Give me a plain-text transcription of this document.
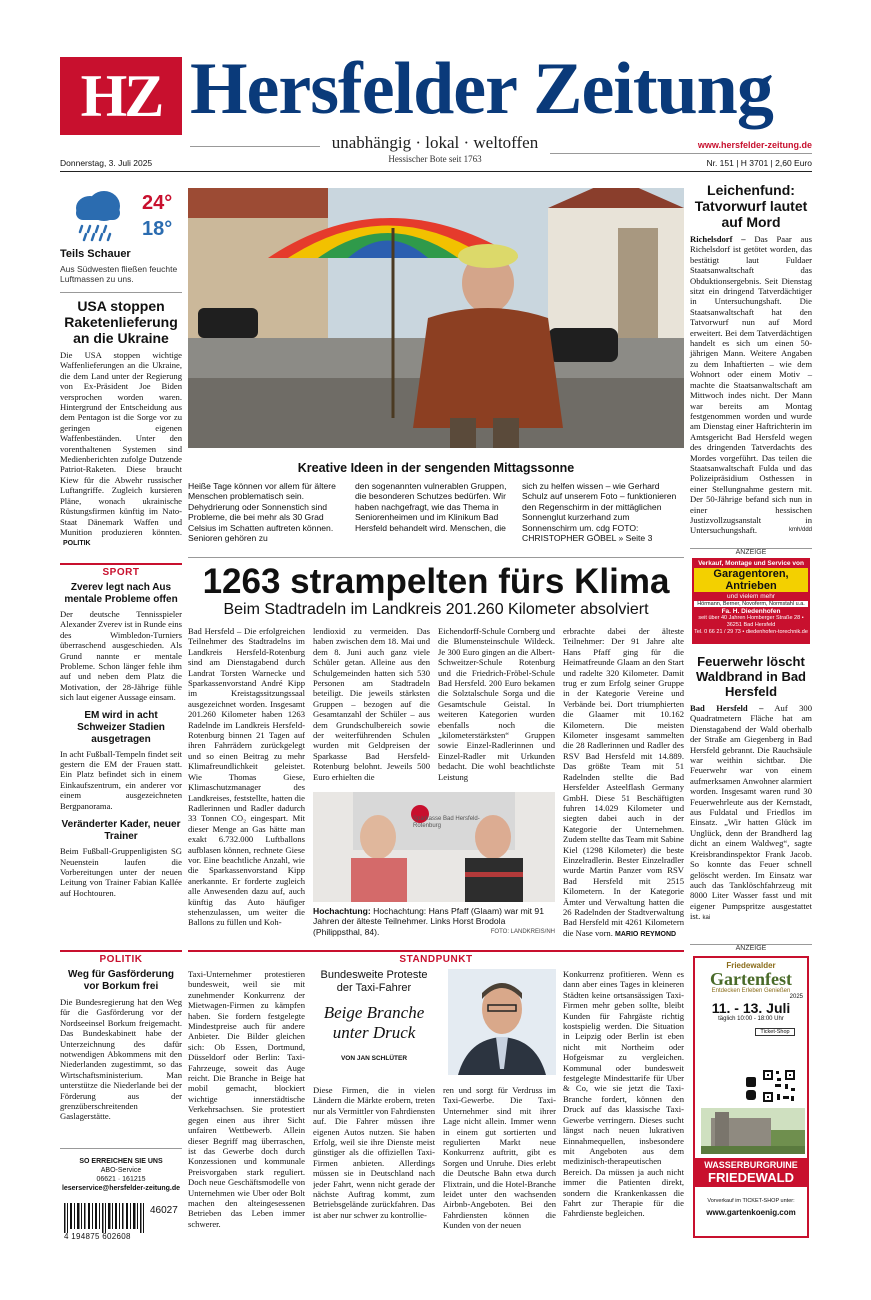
HZ Hersfelder Zeitung
www.hersfelder-zeitung.de
unabhängig · lokal · weltoffen
Hessischer Bote seit 1763
Donnerstag, 3. Juli 2025	Nr. 151 | H 3701 | 2,60 Euro
24°
18°
Teils Schauer
Aus Südwesten fließen feuchte Luftmassen zu uns.
USA stoppen Raketenlieferung an die Ukraine

Die USA stoppen wichtige Waffenlieferungen an die Ukraine, die dem Land unter der Regierung von Ex-Präsident Joe Biden versprochen worden waren. Hintergrund der Entscheidung aus dem Pentagon ist die Sorge vor zu geringen eigenen Waffenbeständen. Unter den vorenthaltenen Systemen sind Medienberichten zufolge Dutzende Patriot-Raketen. Diese braucht Kiew für die Abwehr russischer Luftangriffe. Zugleich kursieren Pläne, wonach ukrainische Rüstungsfirmen künftig im Nato-Staat Dänemark Waffen und Munition produzieren könnten. POLITIK

Kreative Ideen in der sengenden Mittagssonne

Heiße Tage können vor allem für ältere Menschen problematisch sein. Dehydrierung oder Sonnenstich sind Probleme, die bei mehr als 30 Grad Celsius im Schatten auftreten können. Senioren gehören zu

den sogenannten vulnerablen Gruppen, die besonderen Schutzes bedürfen. Wir haben nachgefragt, wie das Thema in Seniorenheimen und im Klinikum Bad Hersfeld behandelt wird. Menschen, die

sich zu helfen wissen – wie Gerhard Schulz auf unserem Foto – funktionieren den Regenschirm in der mittäglichen Sonnenglut kurzerhand zum Sonnenschirm um. cdg FOTO: CHRISTOPHER GÖBEL » Seite 3

Leichenfund: Tatvorwurf lautet auf Mord

Richelsdorf – Das Paar aus Richelsdorf ist getötet worden, das bestätigt laut Fuldaer Staatsanwaltschaft das Obduktionsergebnis. Seit Dienstag sitzt ein dringend Tatverdächtiger in Untersuchungshaft. Die Staatsanwaltschaft hat den Tatvorwurf nun auf Mord erweitert. Bei dem Tatverdächtigen handelt es sich um einen 50-jährigen Mann. Weitere Angaben zu dem Inhaftierten – wie dem Wohnort oder einem Motiv – machte die Staatsanwaltschaft am Mittwoch indes nicht. Der Mann war bereits am Montag festgenommen worden und wurde am Dienstag einer Haftrichterin im Amtsgericht Bad Hersfeld wegen des dringenden Tatverdachts des Mordes vorgeführt. Das teilen die Staatsanwaltschaft Fulda und das Polizeipräsidium Osthessen in einer Stellungnahme gestern mit. Der 50-Jährige befand sich nun in einer hessischen Justizvollzugsanstalt in Untersuchungshaft.	kmh/ddd

ANZEIGE
Verkauf, Montage und Service von
Garagentoren, Antrieben
und vielem mehr
Hörmann, Berner, Novoferm, Normstahl u.a.
Fa. H. Diedenhofen
seit über 40 Jahren Homberger Straße 28 • 36251 Bad Hersfeld
Tel. 0 66 21 / 29 73 • diedenhofen-torechnik.de
SPORT
Zverev legt nach Aus mentale Probleme offen

Der deutsche Tennisspieler Alexander Zverev ist in Runde eins des Wimbledon-Turniers überraschend ausgeschieden. Als Grund nannte er mentale Probleme. Schon länger fehle ihm auf und neben dem Platz die Motivation, der 28-Jährige fühle sich laut eigener Aussage einsam.

EM wird in acht Schweizer Stadien ausgetragen

In acht Fußball-Tempeln findet seit gestern die EM der Frauen statt. Ein Platz befindet sich in einem Einkaufszentrum, ein anderer vor einem ausgezeichneten Bergpanorama.

Veränderter Kader, neuer Trainer

Beim Fußball-Gruppenligisten SG Neuenstein laufen die Vorbereitungen unter der neuen Leitung von Trainer Fabian Kallée auf Hochtouren.

1263 strampelten fürs Klima
Beim Stadtradeln im Landkreis 201.260 Kilometer absolviert

Bad Hersfeld – Die erfolgreichen Teilnehmer des Stadtradelns im Landkreis Hersfeld-Rotenburg sind am Dienstagabend durch Landrat Torsten Warnecke und Sparkassenvorstand André Kipp im Kreistagssitzungssaal ausgezeichnet worden. Insgesamt 201.260 Kilometer haben 1263 Radelnde im Landkreis Hersfeld-Rotenburg binnen 21 Tagen auf ihren Fahrrädern zurückgelegt und so einen Beitrag zu mehr Klimafreundlichkeit geleistet. Wie Thomas Giese, Klimaschutzmanager des Landkreises, feststellte, hatten die Radlerinnen und Radler dadurch 33 Tonnen CO₂ eingespart. Mit dieser Menge an Gas hätte man exakt 6.732.000 Luftballons aufblasen können, rechnete Giese vor. Eine beachtliche Anzahl, wie die Sparkassenvorstand Kipp anerkannte. Er forderte zugleich alle Anwesenden dazu auf, auch künftig das Auto häufiger stehenzulassen, um weiter die Ballons zu füllen und Koh-

lendioxid zu vermeiden. Das haben zwischen dem 18. Mai und dem 8. Juni auch ganz viele Schüler getan. Alleine aus den Schulgemeinden hatten sich 530 Personen am Stadtradeln beteiligt. Die jeweils stärksten Gruppen – bezogen auf die Gesamtanzahl der Schüler – aus dem Grundschulbereich sowie der weiterführenden Schulen wurden mit Geldpreisen der Sparkasse Bad Hersfeld-Rotenburg belohnt. Jeweils 500 Euro erhielten die

Eichendorff-Schule Cornberg und die Blumensteinschule Wildeck. Je 300 Euro gingen an die Albert-Schweitzer-Schule Rotenburg und die Friedrich-Fröbel-Schule Bad Hersfeld. 200 Euro bekamen die Solztalschule Sorga und die Gesamtschule Geistal. In weiteren Kategorien wurden ebenfalls noch die „kilometerstärksten“ Gruppen sowie Einzel-Radlerinnen und Einzel-Radler mit Urkunden bedacht. Die wohl beachtlichste Leistung

erbrachte dabei der älteste Teilnehmer: Der 91 Jahre alte Hans Pfaff ging für die Heimatfreunde Glaam an den Start und radelte 320 Kilometer. Damit trug er zum Erfolg seiner Gruppe in der Kategorie Vereine und Verbände bei. Dort triumphierten die Glaamer mit 10.162 Kilometern. Die meisten Kilometer insgesamt sammelten die 28 Radlerinnen und Radler des RSV Bad Hersfeld mit 14.889. Das größte Team mit 51 Radelnden stellte die Bad Hersfelder Asteelflash Germany GmbH. Diese 51 Beschäftigten fuhren 14.029 Kilometer und siegten dabei auch in der Kategorie der Unternehmen. Zudem stellte das Team mit Sabine Kiel (1298 Kilometer) die beste Einzelradlerin. Bester Einzelradler wurde Martin Panzer vom RSV Bad Hersfeld mit 2515 Kilometern. In der Kategorie Ämter und Verwaltung hatten die 26 Radelnden der Stadtverwaltung Bad Hersfeld mit 4261 Kilometern die Nase vorn. MARIO REYMOND

Sparkasse Bad Hersfeld-Rotenburg
Hochachtung: Hochachtung: Hans Pfaff (Glaam) war mit 91 Jahren der älteste Teilnehmer. Links Horst Brodola (Philippsthal, 84).	FOTO: LANDKREIS/NH
Feuerwehr löscht Waldbrand in Bad Hersfeld

Bad Hersfeld – Auf 300 Quadratmetern Fläche hat am Dienstagabend der Wald oberhalb der Straße am Giegenberg in Bad Hersfeld gebrannt. Die Rauchsäule war weithin sichtbar. Die Feuerwehr war von einem aufmerksamen Anwohner alarmiert worden. Insgesamt waren rund 30 Feuerwehrleute aus der Kernstadt, aus Fuldatal und Friedlos im Einsatz. „Wir hatten Glück im Unglück, denn der Brandherd lag dicht an einem Waldweg“, sagte Kreisbrandinspektor Frank Jacob. So konnte das Feuer schnell gelöscht werden. Im Einsatz war auch das Tanklöschfahrzeug mit 8000 Liter Wasser fasst und mit eigener Pumpspritze ausgestattet ist. kai

POLITIK
Weg für Gasförderung vor Borkum frei

Die Bundesregierung hat den Weg für die Gasförderung vor der Nordseeinsel Borkum freigemacht. Das Bundeskabinett habe der Unterzeichnung des dafür notwendigen Abkommens mit den Niederlanden zugestimmt, so das Wirtschaftsministerium. Man unterstütze die Niederlande bei der Förderung aus der grenzüberschreitenden Gaslagerstätte.

SO ERREICHEN SIE UNS
ABO-Service
06621 · 161215
leserservice@hersfelder-zeitung.de
46027
4 194875 602608
STANDPUNKT

Taxi-Unternehmer protestieren bundesweit, weil sie mit zunehmender Konkurrenz der Mietwagen-Firmen zu kämpfen haben. Sie fordern festgelegte Mindestpreise auch für andere Anbieter. Die Bilder gleichen sich: Ob Essen, Dortmund, Düsseldorf oder Berlin: Taxi-Fahrzeuge, soweit das Auge reicht. Die Branche in Beige hat mobil gemacht, blockiert wichtige innerstädtische Verkehrsachsen. Sie protestiert gegen einen aus ihrer Sicht unfairen Wettbewerb. Allein dieser Begriff mag überraschen, ist das Gewerbe doch durch Konzessionen und kommunale Preisvorgaben stark reguliert. Doch neue Geschäftsmodelle von Unternehmen wie Uber oder Bolt machen den alteingesessenen Betrieben das Leben immer schwerer.

Bundesweite Proteste der Taxi-Fahrer
Beige Branche unter Druck
VON JAN SCHLÜTER

Diese Firmen, die in vielen Ländern die Märkte erobern, treten nur als Vermittler von Fahrdiensten auf. Die Fahrer müssen ihre eigenen Autos nutzen. Sie haben Erfolg, weil sie ihre Dienste meist günstiger als die offiziellen Taxi-Firmen anbieten. Allerdings müssen sie in Deutschland nach jeder Fahrt, wenn nicht gerade der nächste Auftrag kommt, zum Betriebsgelände zurückfahren. Das ist aber nur schwer zu kontrollie-

ren und sorgt für Verdruss im Taxi-Gewerbe. Die Taxi-Unternehmer sind mit ihrer Lage nicht allein. Immer wenn in einem gut sortierten und regulierten Markt neue Konkurrenz auftritt, gibt es Sorgen und Unruhe. Dies erlebt die Deutsche Bahn etwa durch Flixtrain, und die Hotel-Branche leidet unter den wachsenden Airbnb-Angeboten. Bei den Fahrdiensten können die Kunden von der neuen

Konkurrenz profitieren. Wenn es dann aber eines Tages in kleineren Städten keine ortsansässigen Taxi-Firmen mehr geben sollte, bleibt Kunden für Fahrgäste richtig kostspielig werden. Die Situation in Leipzig oder Berlin ist eben nicht mit Northeim oder Hofgeismar zu vergleichen. Kommunal oder bundesweit festgelegte Mindesttarife für Uber & Co, wie sie jetzt die Taxi-Branche fordert, können den Druck auf das klassische Taxi-Gewerbe verringern. Dieses sucht längst nach neuen lukrativen Einnahmequellen, insbesondere mit Angeboten aus dem medizinisch-therapeutischen Bereich. Da müssen ja auch nicht immer die Patienten direkt, sondern die Krankenkassen die Fahrt zur Therapie für die Fahrdienste begleichen.

ANZEIGE
Friedewalder
Gartenfest
Entdecken Erleben Genießen
2025
11. - 13. Juli
täglich 10:00 - 18:00 Uhr
Ticket-Shop
WASSERBURGRUINE
FRIEDEWALD
Vorverkauf im TICKET-SHOP unter:
www.gartenkoenig.com
